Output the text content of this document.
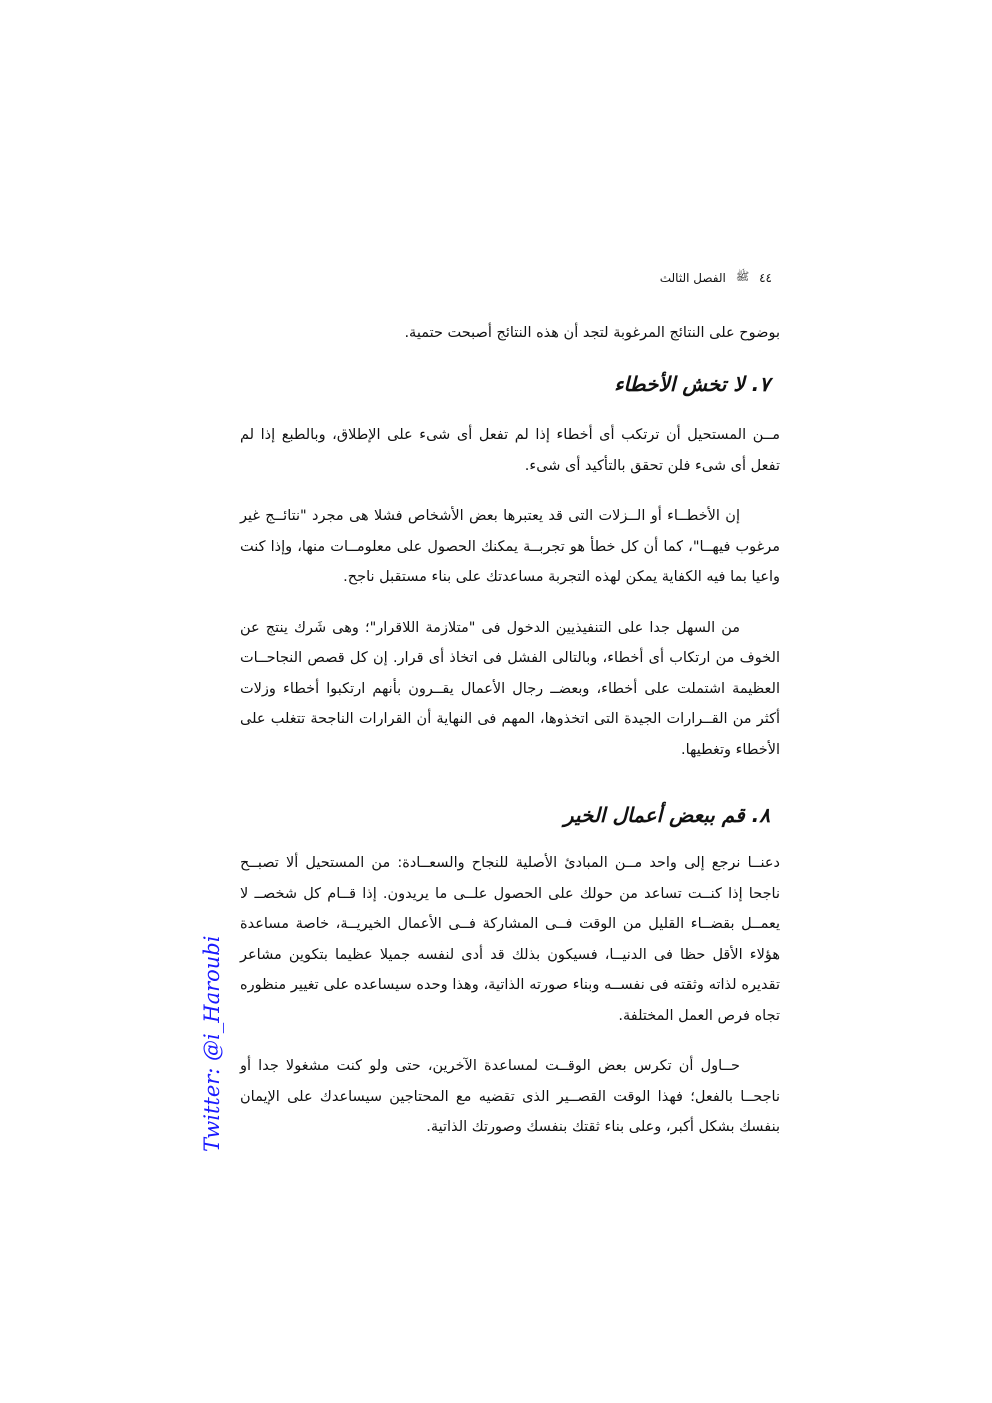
٤٤
ﷺ
الفصل الثالث

بوضوح على النتائج المرغوبة لتجد أن هذه النتائج أصبحت حتمية.

٧. لا تخش الأخطاء

مــن المستحيل أن ترتكب أى أخطاء إذا لم تفعل أى شىء على الإطلاق، وبالطبع إذا لم تفعل أى شىء فلن تحقق بالتأكيد أى شىء.

إن الأخطــاء أو الــزلات التى قد يعتبرها بعض الأشخاص فشلا هى مجرد "نتائــج غير مرغوب فيهــا"، كما أن كل خطأ هو تجربــة يمكنك الحصول على معلومــات منها، وإذا كنت واعيا بما فيه الكفاية يمكن لهذه التجربة مساعدتك على بناء مستقبل ناجح.

من السهل جدا على التنفيذيين الدخول فى "متلازمة اللاقرار"؛ وهى شَرك ينتج عن الخوف من ارتكاب أى أخطاء، وبالتالى الفشل فى اتخاذ أى قرار. إن كل قصص النجاحــات العظيمة اشتملت على أخطاء، وبعضــ رجال الأعمال يقــرون بأنهم ارتكبوا أخطاء وزلات أكثر من القــرارات الجيدة التى اتخذوها، المهم فى النهاية أن القرارات الناجحة تتغلب على الأخطاء وتغطيها.

٨. قم ببعض أعمال الخير

دعنــا نرجع إلى واحد مــن المبادئ الأصلية للنجاح والسعــادة: من المستحيل ألا تصبــح ناجحا إذا كنــت تساعد من حولك على الحصول علــى ما يريدون. إذا قــام كل شخصــ لا يعمــل بقضــاء القليل من الوقت فــى المشاركة فــى الأعمال الخيريــة، خاصة مساعدة هؤلاء الأقل حظا فى الدنيــا، فسيكون بذلك قد أدى لنفسه جميلا عظيما بتكوين مشاعر تقديره لذاته وثقته فى نفســه وبناء صورته الذاتية، وهذا وحده سيساعده على تغيير منظوره تجاه فرص العمل المختلفة.

حــاول أن تكرس بعض الوقــت لمساعدة الآخرين، حتى ولو كنت مشغولا جدا أو ناجحــا بالفعل؛ فهذا الوقت القصــير الذى تقضيه مع المحتاجين سيساعدك على الإيمان بنفسك بشكل أكبر، وعلى بناء ثقتك بنفسك وصورتك الذاتية.

Twitter: @i_Haroubi
